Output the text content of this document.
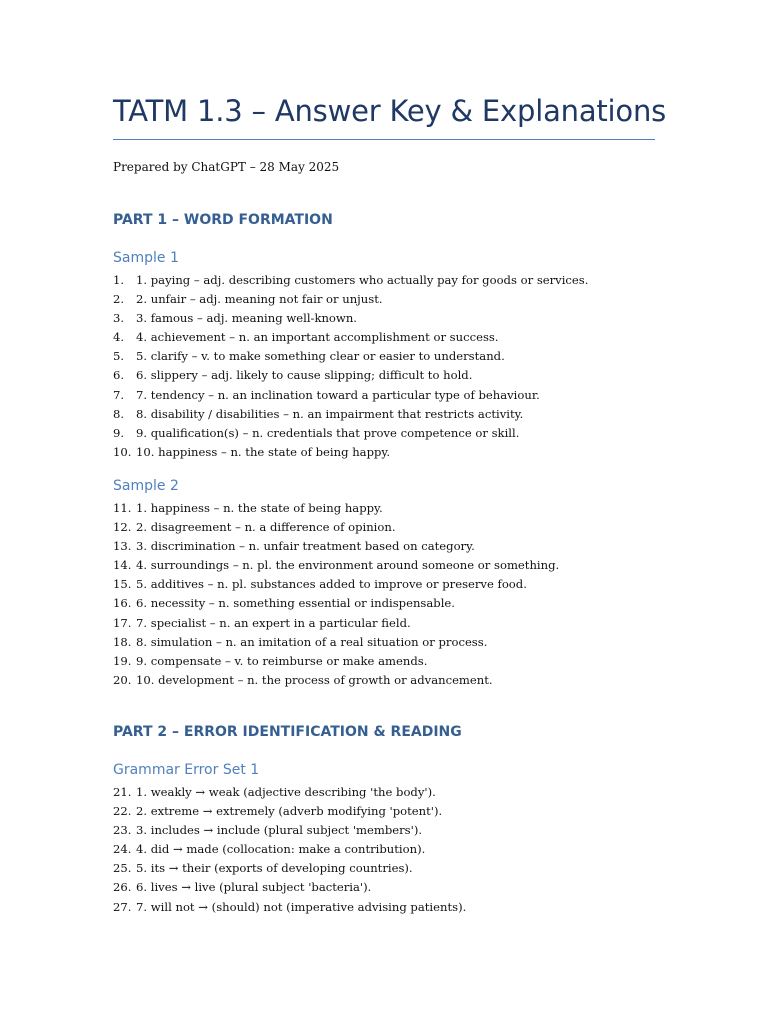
TATM 1.3 – Answer Key & Explanations
Prepared by ChatGPT – 28 May 2025
PART 1 – WORD FORMATION
Sample 1
1.	1. paying – adj. describing customers who actually pay for goods or services.
2.	2. unfair – adj. meaning not fair or unjust.
3.	3. famous – adj. meaning well-known.
4.	4. achievement – n. an important accomplishment or success.
5.	5. clarify – v. to make something clear or easier to understand.
6.	6. slippery – adj. likely to cause slipping; difficult to hold.
7.	7. tendency – n. an inclination toward a particular type of behaviour.
8.	8. disability / disabilities – n. an impairment that restricts activity.
9.	9. qualification(s) – n. credentials that prove competence or skill.
10. 10. happiness – n. the state of being happy.
Sample 2
11. 1. happiness – n. the state of being happy.
12. 2. disagreement – n. a difference of opinion.
13. 3. discrimination – n. unfair treatment based on category.
14. 4. surroundings – n. pl. the environment around someone or something.
15. 5. additives – n. pl. substances added to improve or preserve food.
16. 6. necessity – n. something essential or indispensable.
17. 7. specialist – n. an expert in a particular field.
18. 8. simulation – n. an imitation of a real situation or process.
19. 9. compensate – v. to reimburse or make amends.
20. 10. development – n. the process of growth or advancement.
PART 2 – ERROR IDENTIFICATION & READING
Grammar Error Set 1
21. 1. weakly → weak (adjective describing 'the body').
22. 2. extreme → extremely (adverb modifying 'potent').
23. 3. includes → include (plural subject 'members').
24. 4. did → made (collocation: make a contribution).
25. 5. its → their (exports of developing countries).
26. 6. lives → live (plural subject 'bacteria').
27. 7. will not → (should) not (imperative advising patients).
